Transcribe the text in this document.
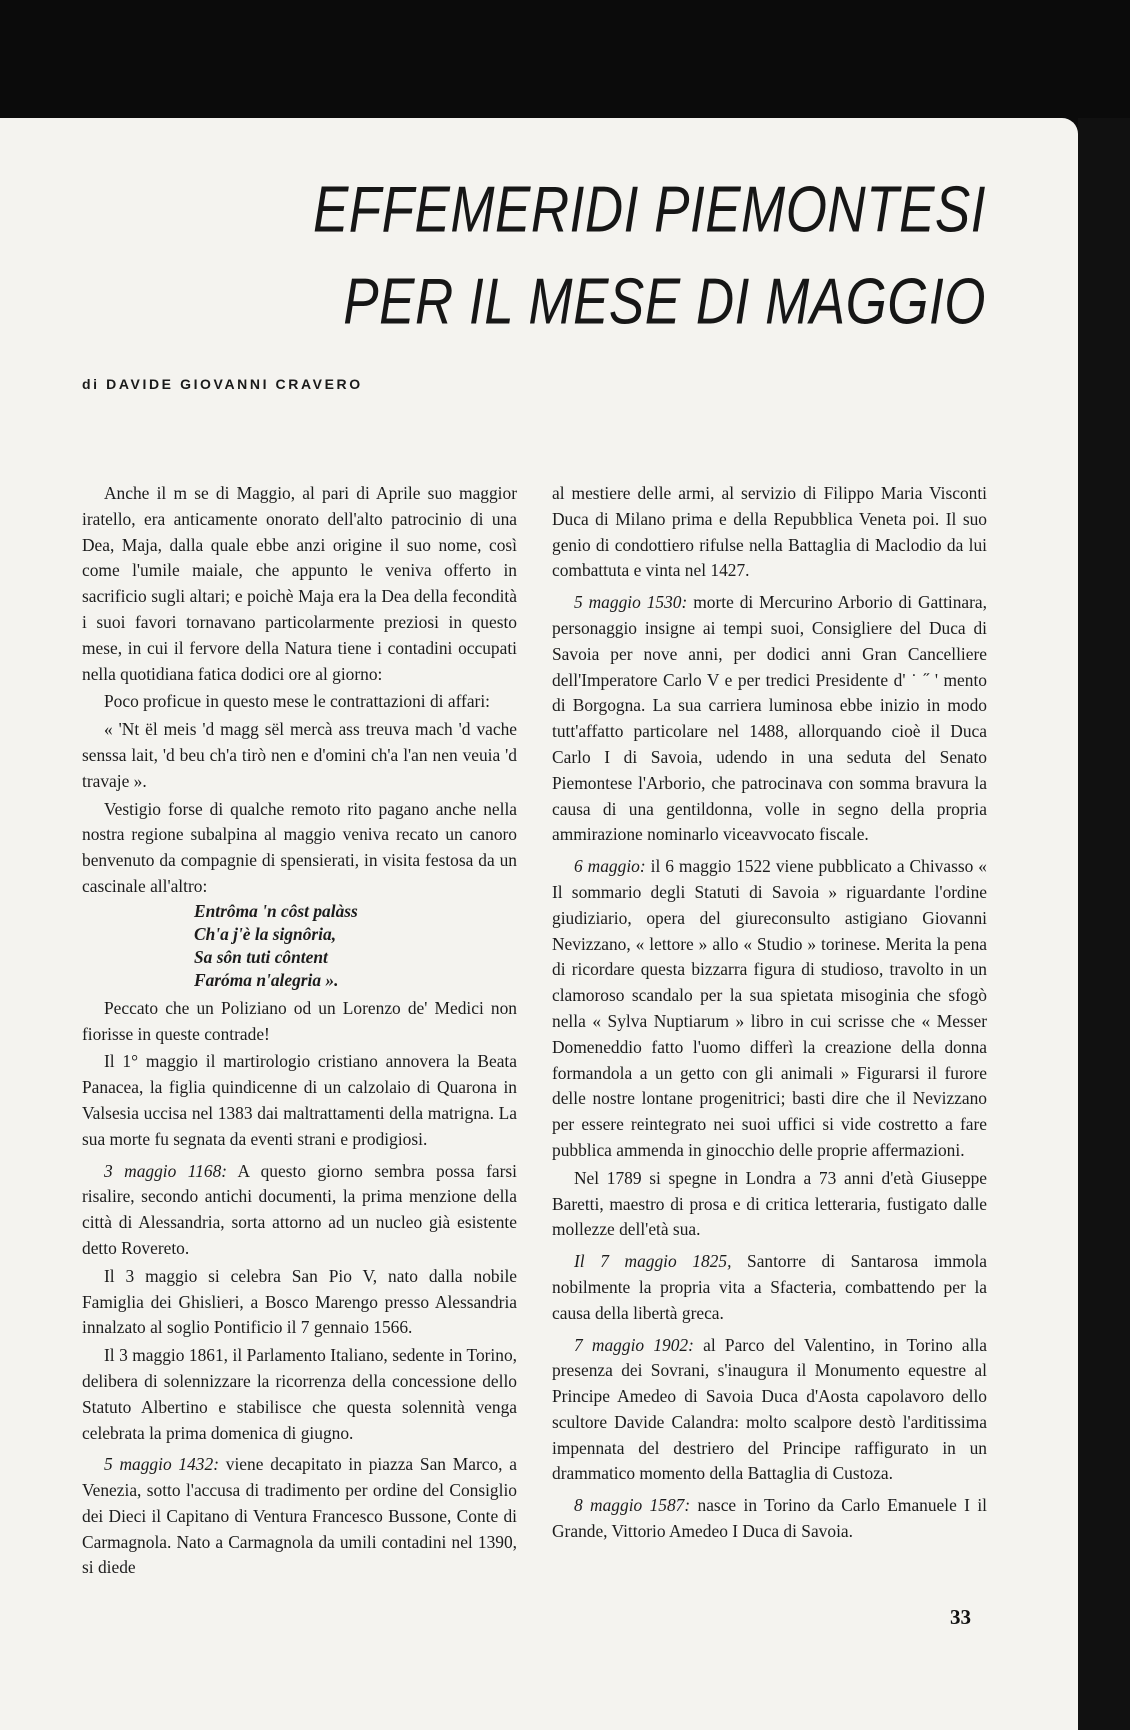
EFFEMERIDI PIEMONTESI
PER IL MESE DI MAGGIO
di DAVIDE GIOVANNI CRAVERO

Anche il m se di Maggio, al pari di Aprile suo maggior iratello, era anticamente onorato dell'alto patrocinio di una Dea, Maja, dalla quale ebbe anzi origine il suo nome, così come l'umile maiale, che appunto le veniva offerto in sacrificio sugli altari; e poichè Maja era la Dea della fecondità i suoi favori tornavano particolarmente preziosi in questo mese, in cui il fervore della Natura tiene i contadini occupati nella quotidiana fatica dodici ore al giorno:

Poco proficue in questo mese le contrattazioni di affari:

« 'Nt ël meis 'd magg sël mercà ass treuva mach 'd vache senssa lait, 'd beu ch'a tirò nen e d'omini ch'a l'an nen veuia 'd travaje ».

Vestigio forse di qualche remoto rito pagano anche nella nostra regione subalpina al maggio veniva recato un canoro benvenuto da compagnie di spensierati, in visita festosa da un cascinale all'altro:

Entrôma 'n côst palàss
Ch'a j'è la signôria,
Sa sôn tuti côntent
Faróma n'alegria ».

Peccato che un Poliziano od un Lorenzo de' Medici non fiorisse in queste contrade!

Il 1° maggio il martirologio cristiano annovera la Beata Panacea, la figlia quindicenne di un calzolaio di Quarona in Valsesia uccisa nel 1383 dai maltrattamenti della matrigna. La sua morte fu segnata da eventi strani e prodigiosi.

3 maggio 1168: A questo giorno sembra possa farsi risalire, secondo antichi documenti, la prima menzione della città di Alessandria, sorta attorno ad un nucleo già esistente detto Rovereto.

Il 3 maggio si celebra San Pio V, nato dalla nobile Famiglia dei Ghislieri, a Bosco Marengo presso Alessandria innalzato al soglio Pontificio il 7 gennaio 1566.

Il 3 maggio 1861, il Parlamento Italiano, sedente in Torino, delibera di solennizzare la ricorrenza della concessione dello Statuto Albertino e stabilisce che questa solennità venga celebrata la prima domenica di giugno.

5 maggio 1432: viene decapitato in piazza San Marco, a Venezia, sotto l'accusa di tradimento per ordine del Consiglio dei Dieci il Capitano di Ventura Francesco Bussone, Conte di Carmagnola. Nato a Carmagnola da umili contadini nel 1390, si diede

al mestiere delle armi, al servizio di Filippo Maria Visconti Duca di Milano prima e della Repubblica Veneta poi. Il suo genio di condottiero rifulse nella Battaglia di Maclodio da lui combattuta e vinta nel 1427.

5 maggio 1530: morte di Mercurino Arborio di Gattinara, personaggio insigne ai tempi suoi, Consigliere del Duca di Savoia per nove anni, per dodici anni Gran Cancelliere dell'Imperatore Carlo V e per tredici Presidente d' ˙ ˝ ' mento di Borgogna. La sua carriera luminosa ebbe inizio in modo tutt'affatto particolare nel 1488, allorquando cioè il Duca Carlo I di Savoia, udendo in una seduta del Senato Piemontese l'Arborio, che patrocinava con somma bravura la causa di una gentildonna, volle in segno della propria ammirazione nominarlo viceavvocato fiscale.

6 maggio: il 6 maggio 1522 viene pubblicato a Chivasso « Il sommario degli Statuti di Savoia » riguardante l'ordine giudiziario, opera del giureconsulto astigiano Giovanni Nevizzano, « lettore » allo « Studio » torinese. Merita la pena di ricordare questa bizzarra figura di studioso, travolto in un clamoroso scandalo per la sua spietata misoginia che sfogò nella « Sylva Nuptiarum » libro in cui scrisse che « Messer Domeneddio fatto l'uomo differì la creazione della donna formandola a un getto con gli animali » Figurarsi il furore delle nostre lontane progenitrici; basti dire che il Nevizzano per essere reintegrato nei suoi uffici si vide costretto a fare pubblica ammenda in ginocchio delle proprie affermazioni.

Nel 1789 si spegne in Londra a 73 anni d'età Giuseppe Baretti, maestro di prosa e di critica letteraria, fustigato dalle mollezze dell'età sua.

Il 7 maggio 1825, Santorre di Santarosa immola nobilmente la propria vita a Sfacteria, combattendo per la causa della libertà greca.

7 maggio 1902: al Parco del Valentino, in Torino alla presenza dei Sovrani, s'inaugura il Monumento equestre al Principe Amedeo di Savoia Duca d'Aosta capolavoro dello scultore Davide Calandra: molto scalpore destò l'arditissima impennata del destriero del Principe raffigurato in un drammatico momento della Battaglia di Custoza.

8 maggio 1587: nasce in Torino da Carlo Emanuele I il Grande, Vittorio Amedeo I Duca di Savoia.

33
